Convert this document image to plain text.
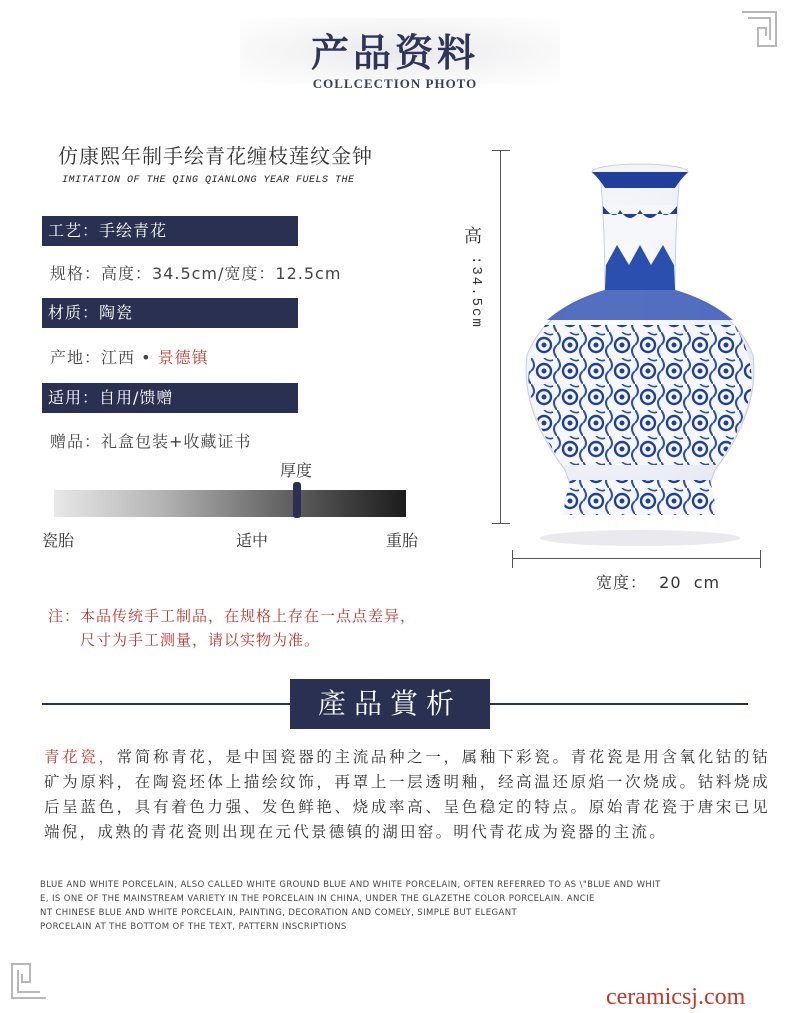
产品资料
COLLCECTION PHOTO
仿康熙年制手绘青花缠枝莲纹金钟
IMITATION OF THE QING QIANLONG YEAR FUELS THE
工艺：手绘青花
规格：高度：34.5cm/宽度：12.5cm
材质：陶瓷
产地：江西 • 景德镇
适用：自用/馈赠
赠品：礼盒包装+收藏证书
厚度
瓷胎	适中	重胎
注：本品传统手工制品，在规格上存在一点点差异，
尺寸为手工测量，请以实物为准。
高
:34.5cm
宽度：  20  cm
產品賞析
青花瓷，常简称青花，是中国瓷器的主流品种之一，属釉下彩瓷。青花瓷是用含氧化钴的钴矿为原料，在陶瓷坯体上描绘纹饰，再罩上一层透明釉，经高温还原焰一次烧成。钴料烧成后呈蓝色，具有着色力强、发色鲜艳、烧成率高、呈色稳定的特点。原始青花瓷于唐宋已见端倪，成熟的青花瓷则出现在元代景德镇的湖田窑。明代青花成为瓷器的主流。
BLUE AND WHITE PORCELAIN, ALSO CALLED WHITE GROUND BLUE AND WHITE PORCELAIN, OFTEN REFERRED TO AS \"BLUE AND WHIT
E, IS ONE OF THE MAINSTREAM VARIETY IN THE PORCELAIN IN CHINA, UNDER THE GLAZETHE COLOR PORCELAIN. ANCIE
NT CHINESE BLUE AND WHITE PORCELAIN, PAINTING, DECORATION AND COMELY, SIMPLE BUT ELEGANT
PORCELAIN AT THE BOTTOM OF THE TEXT, PATTERN INSCRIPTIONS
ceramicsj.com
